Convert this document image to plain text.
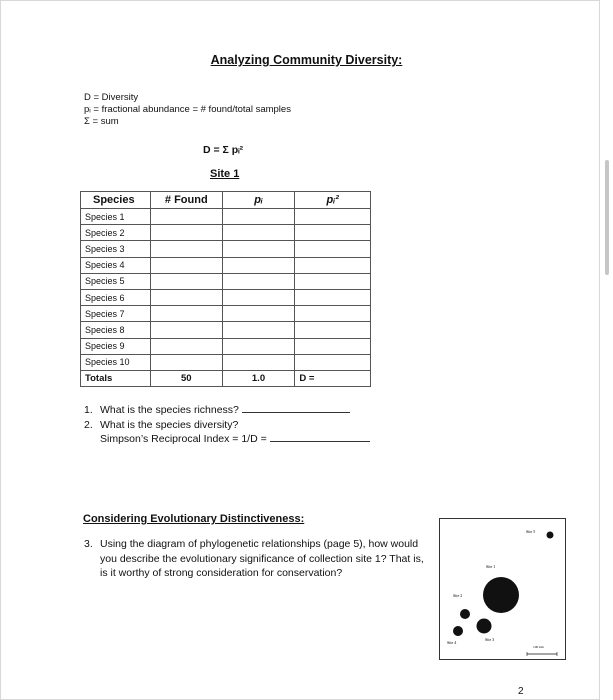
Analyzing Community Diversity:
D = Diversity
pᵢ = fractional abundance = # found/total samples
Σ = sum
D = Σ pᵢ²
Site 1
Species	# Found	pᵢ	pᵢ²
Species 1			
Species 2			
Species 3			
Species 4			
Species 5			
Species 6			
Species 7			
Species 8			
Species 9			
Species 10			
Totals	50	1.0	D =
1. What is the species richness?
2. What is the species diversity?
Simpson’s Reciprocal Index = 1/D =
Considering Evolutionary Distinctiveness:
3. Using the diagram of phylogenetic relationships (page 5), how would you describe the evolutionary significance of collection site 1? That is, is it worthy of strong consideration for conservation?
Site 5
Site 1
Site 2
Site 4
Site 3
100 km
2
